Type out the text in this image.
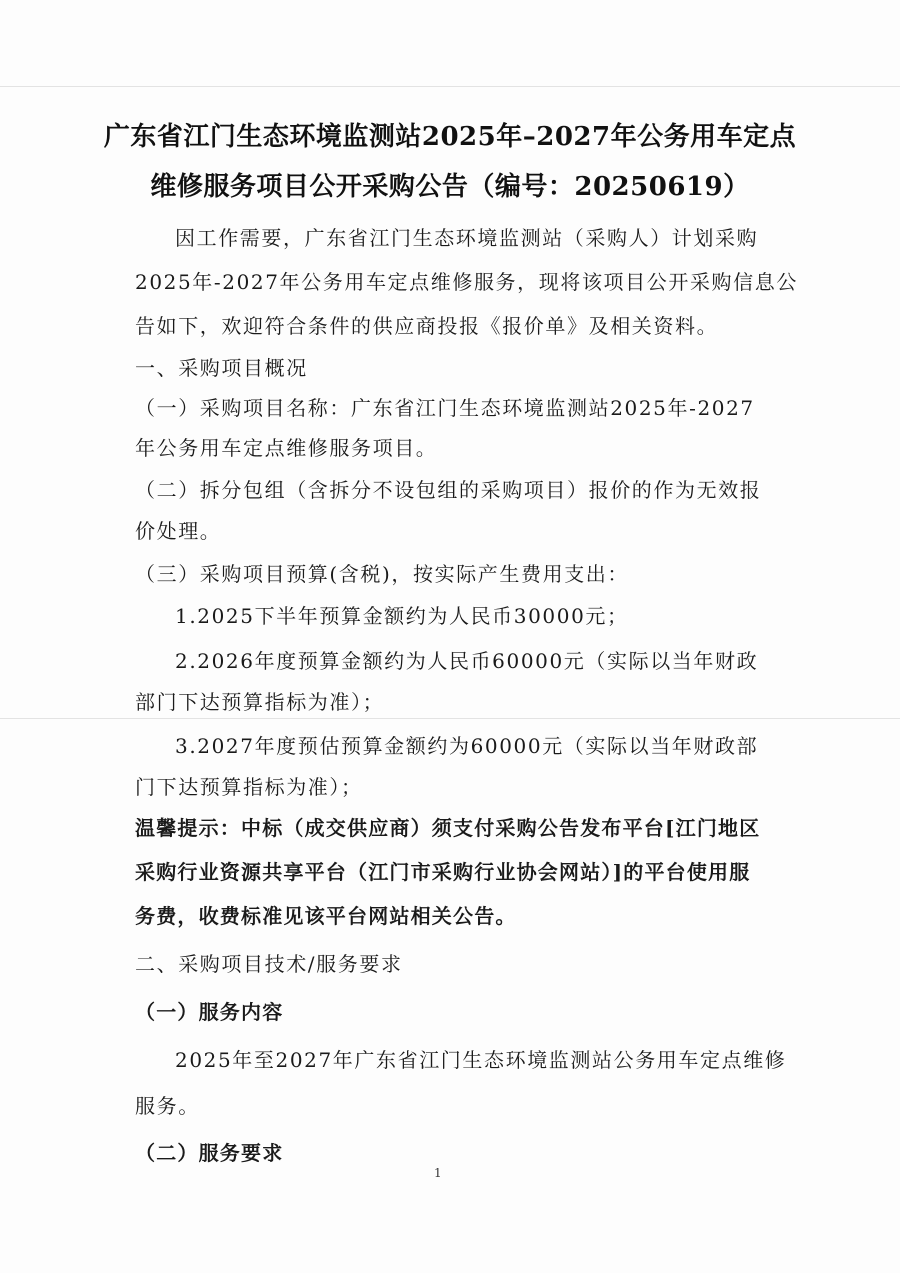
广东省江门生态环境监测站2025年–2027年公务用车定点
维修服务项目公开采购公告（编号：20250619）
因工作需要，广东省江门生态环境监测站（采购人）计划采购
2025年-2027年公务用车定点维修服务，现将该项目公开采购信息公
告如下，欢迎符合条件的供应商投报《报价单》及相关资料。
一、采购项目概况
（一）采购项目名称：广东省江门生态环境监测站2025年-2027
年公务用车定点维修服务项目。
（二）拆分包组（含拆分不设包组的采购项目）报价的作为无效报
价处理。
（三）采购项目预算(含税)，按实际产生费用支出：
1.2025下半年预算金额约为人民币30000元；
2.2026年度预算金额约为人民币60000元（实际以当年财政
部门下达预算指标为准）；
3.2027年度预估预算金额约为60000元（实际以当年财政部
门下达预算指标为准）；
温馨提示：中标（成交供应商）须支付采购公告发布平台[江门地区
采购行业资源共享平台（江门市采购行业协会网站）]的平台使用服
务费，收费标准见该平台网站相关公告。
二、采购项目技术/服务要求
（一）服务内容
2025年至2027年广东省江门生态环境监测站公务用车定点维修
服务。
（二）服务要求
1
